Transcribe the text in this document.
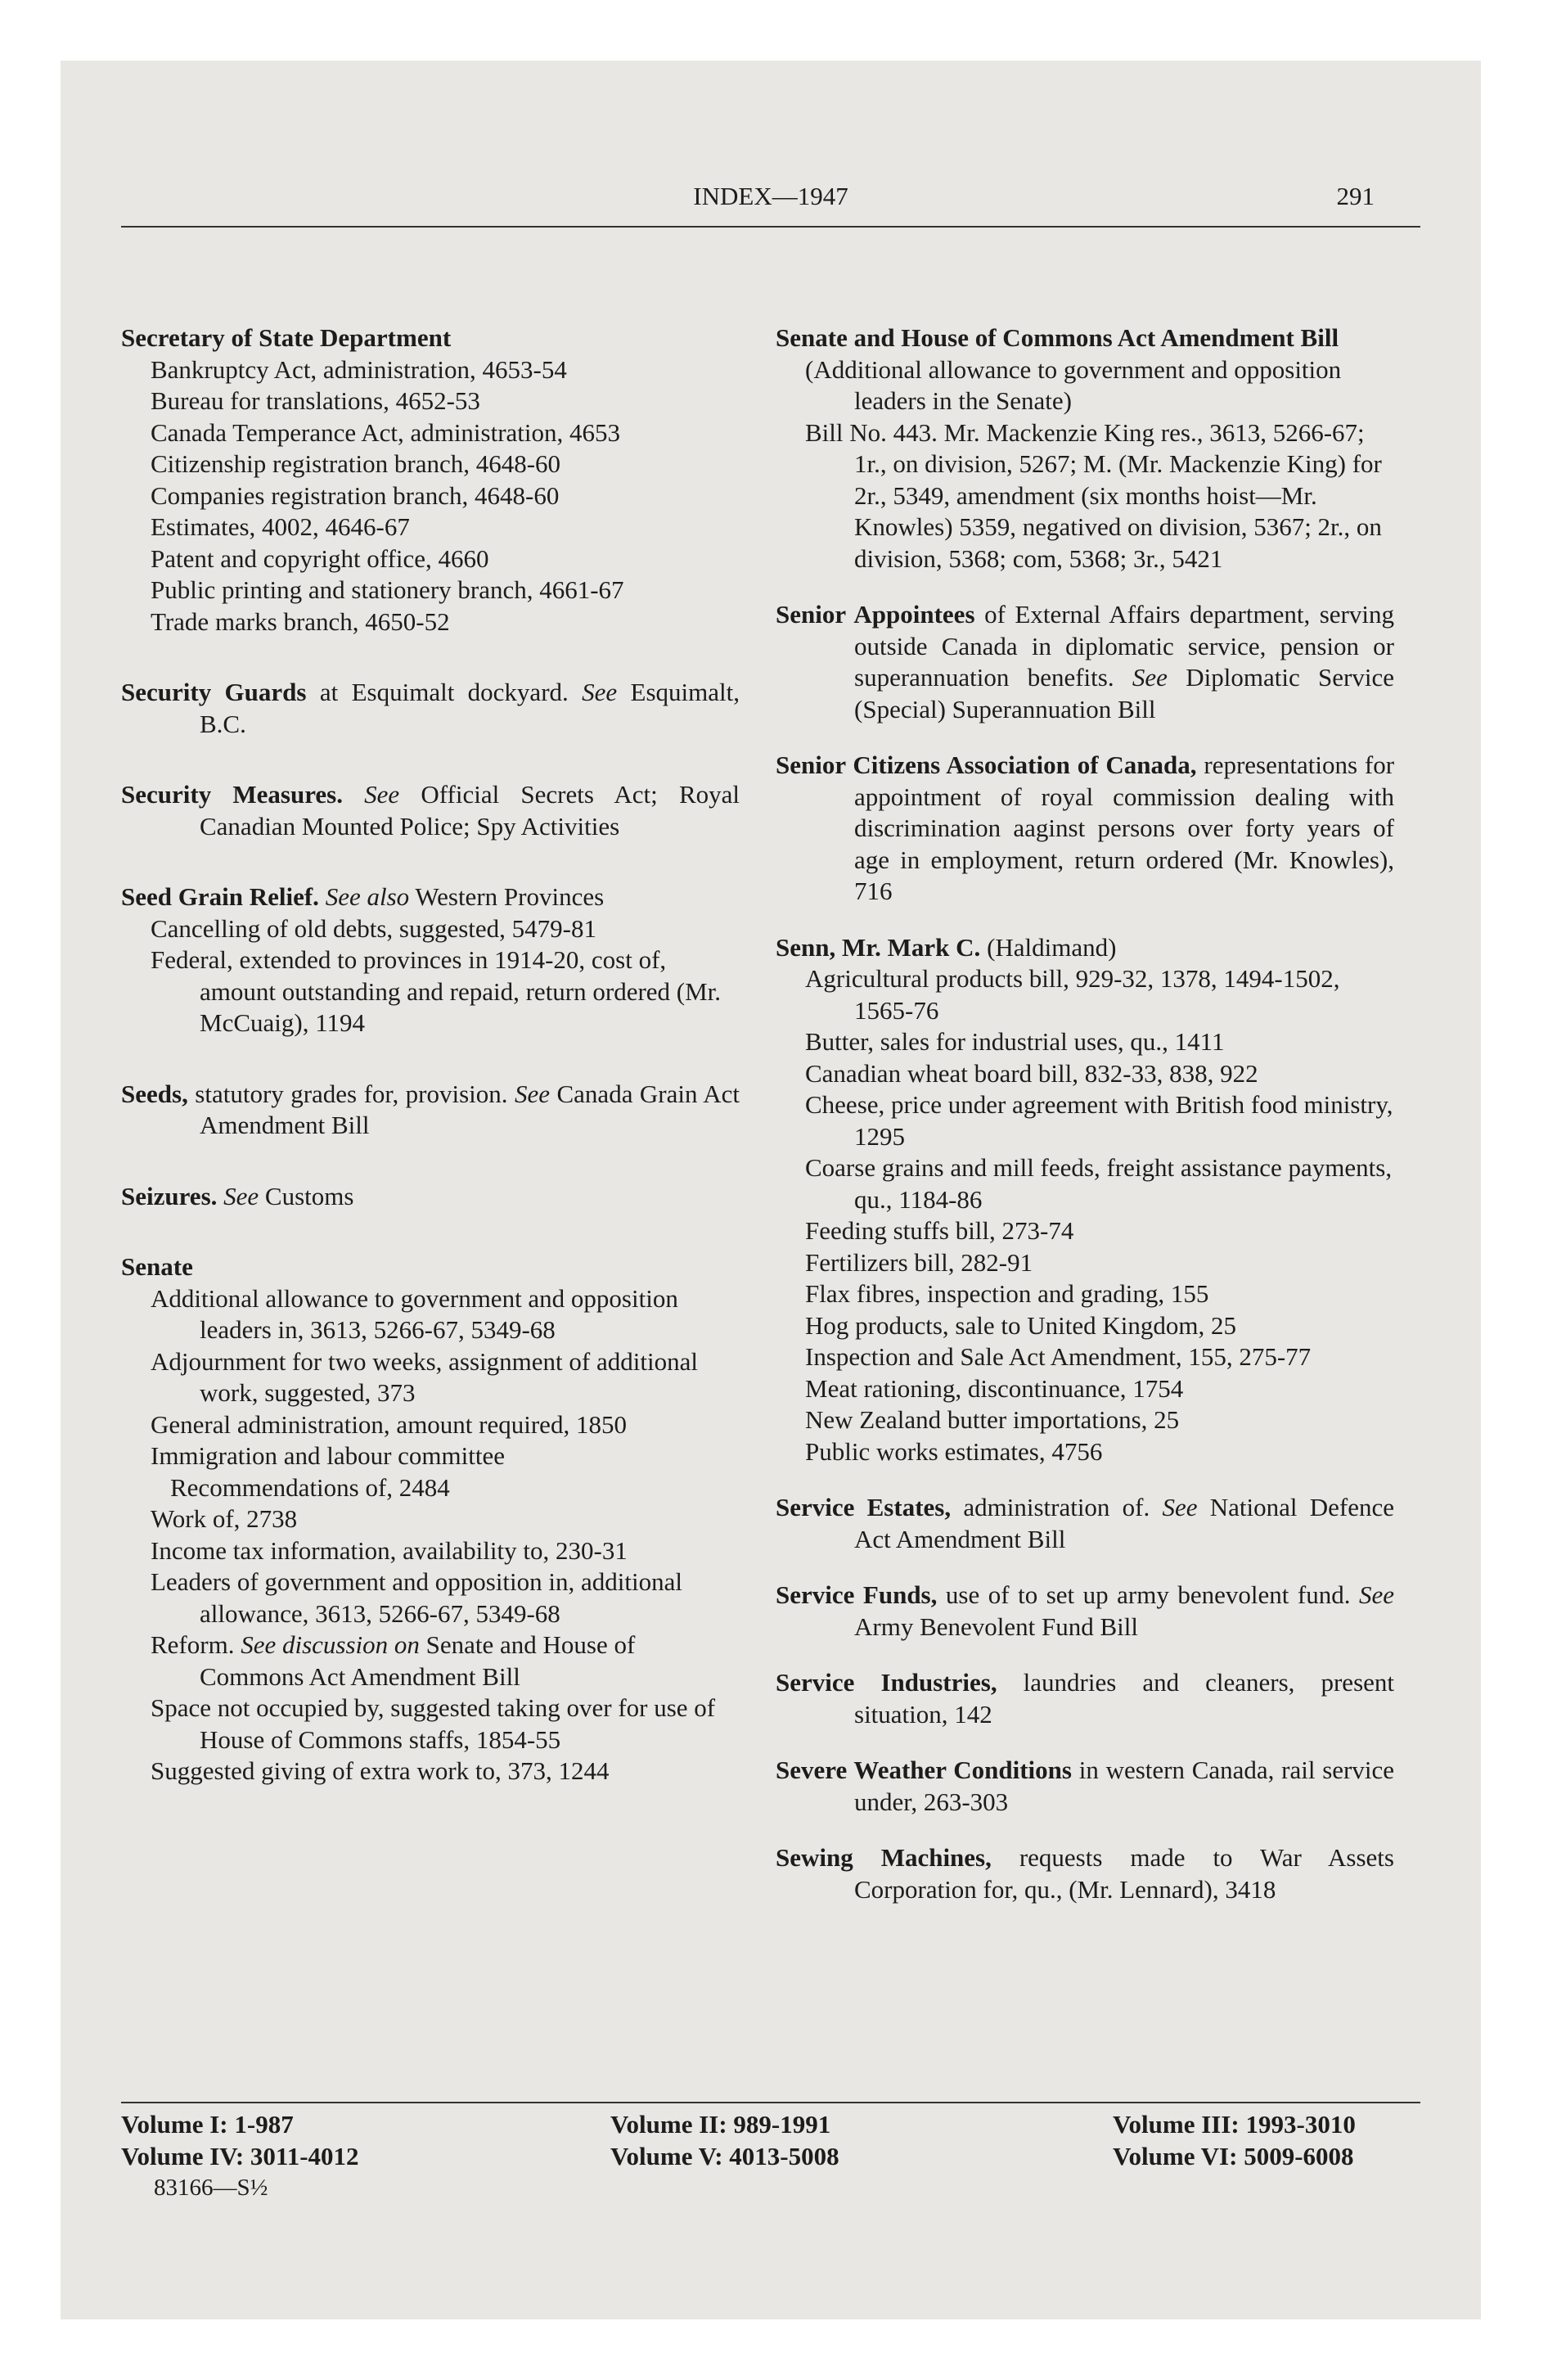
INDEX—1947	291
Secretary of State Department
Bankruptcy Act, administration, 4653-54
Bureau for translations, 4652-53
Canada Temperance Act, administration, 4653
Citizenship registration branch, 4648-60
Companies registration branch, 4648-60
Estimates, 4002, 4646-67
Patent and copyright office, 4660
Public printing and stationery branch, 4661-67
Trade marks branch, 4650-52
Security Guards at Esquimalt dockyard. See Esquimalt, B.C.
Security Measures. See Official Secrets Act; Royal Canadian Mounted Police; Spy Activities
Seed Grain Relief. See also Western Provinces
Cancelling of old debts, suggested, 5479-81
Federal, extended to provinces in 1914-20, cost of, amount outstanding and repaid, return ordered (Mr. McCuaig), 1194
Seeds, statutory grades for, provision. See Canada Grain Act Amendment Bill
Seizures. See Customs
Senate
Additional allowance to government and opposition leaders in, 3613, 5266-67, 5349-68
Adjournment for two weeks, assignment of additional work, suggested, 373
General administration, amount required, 1850
Immigration and labour committee
Recommendations of, 2484
Work of, 2738
Income tax information, availability to, 230-31
Leaders of government and opposition in, additional allowance, 3613, 5266-67, 5349-68
Reform. See discussion on Senate and House of Commons Act Amendment Bill
Space not occupied by, suggested taking over for use of House of Commons staffs, 1854-55
Suggested giving of extra work to, 373, 1244
Senate and House of Commons Act Amendment Bill
(Additional allowance to government and opposition leaders in the Senate)
Bill No. 443. Mr. Mackenzie King res., 3613, 5266-67; 1r., on division, 5267; M. (Mr. Mackenzie King) for 2r., 5349, amendment (six months hoist—Mr. Knowles) 5359, negatived on division, 5367; 2r., on division, 5368; com, 5368; 3r., 5421
Senior Appointees of External Affairs department, serving outside Canada in diplomatic service, pension or superannuation benefits. See Diplomatic Service (Special) Superannuation Bill
Senior Citizens Association of Canada, representations for appointment of royal commission dealing with discrimination aaginst persons over forty years of age in employment, return ordered (Mr. Knowles), 716
Senn, Mr. Mark C. (Haldimand)
Agricultural products bill, 929-32, 1378, 1494-1502, 1565-76
Butter, sales for industrial uses, qu., 1411
Canadian wheat board bill, 832-33, 838, 922
Cheese, price under agreement with British food ministry, 1295
Coarse grains and mill feeds, freight assistance payments, qu., 1184-86
Feeding stuffs bill, 273-74
Fertilizers bill, 282-91
Flax fibres, inspection and grading, 155
Hog products, sale to United Kingdom, 25
Inspection and Sale Act Amendment, 155, 275-77
Meat rationing, discontinuance, 1754
New Zealand butter importations, 25
Public works estimates, 4756
Service Estates, administration of. See National Defence Act Amendment Bill
Service Funds, use of to set up army benevolent fund. See Army Benevolent Fund Bill
Service Industries, laundries and cleaners, present situation, 142
Severe Weather Conditions in western Canada, rail service under, 263-303
Sewing Machines, requests made to War Assets Corporation for, qu., (Mr. Lennard), 3418
Volume I: 1-987	Volume II: 989-1991	Volume III: 1993-3010
Volume IV: 3011-4012	Volume V: 4013-5008	Volume VI: 5009-6008
83166—S½
